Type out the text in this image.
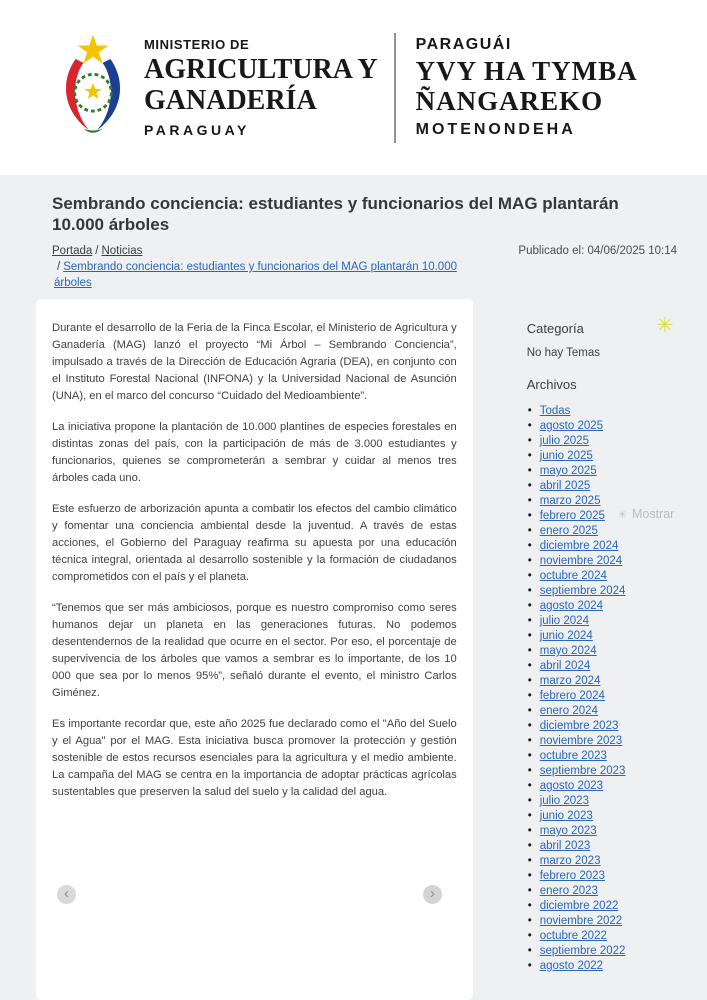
MINISTERIO DE
AGRICULTURA Y
GANADERÍA
PARAGUAY
PARAGUÁI
YVY HA TYMBA
ÑANGAREKO
MOTENONDEHA
Sembrando conciencia: estudiantes y funcionarios del MAG plantarán 10.000 árboles
Portada / Noticias
/ Sembrando conciencia: estudiantes y funcionarios del MAG plantarán 10.000 árboles
Publicado el: 04/06/2025 10:14

Durante el desarrollo de la Feria de la Finca Escolar, el Ministerio de Agricultura y Ganadería (MAG) lanzó el proyecto “Mi Árbol – Sembrando Conciencia”, impulsado a través de la Dirección de Educación Agraria (DEA), en conjunto con el Instituto Forestal Nacional (INFONA) y la Universidad Nacional de Asunción (UNA), en el marco del concurso “Cuidado del Medioambiente”.

La iniciativa propone la plantación de 10.000 plantines de especies forestales en distintas zonas del país, con la participación de más de 3.000 estudiantes y funcionarios, quienes se comprometerán a sembrar y cuidar al menos tres árboles cada uno.

Este esfuerzo de arborización apunta a combatir los efectos del cambio climático y fomentar una conciencia ambiental desde la juventud. A través de estas acciones, el Gobierno del Paraguay reafirma su apuesta por una educación técnica integral, orientada al desarrollo sostenible y la formación de ciudadanos comprometidos con el país y el planeta.

“Tenemos que ser más ambiciosos, porque es nuestro compromiso como seres humanos dejar un planeta en las generaciones futuras. No podemos desentendernos de la realidad que ocurre en el sector. Por eso, el porcentaje de supervivencia de los árboles que vamos a sembrar es lo importante, de los 10 000 que sea por lo menos 95%”, señaló durante el evento, el ministro Carlos Giménez.

Es importante recordar que, este año 2025 fue declarado como el "Año del Suelo y el Agua" por el MAG. Esta iniciativa busca promover la protección y gestión sostenible de estos recursos esenciales para la agricultura y el medio ambiente. La campaña del MAG se centra en la importancia de adoptar prácticas agrícolas sustentables que preserven la salud del suelo y la calidad del agua.

‹	›
Categoría
No hay Temas
Archivos
• Todas
• agosto 2025
• julio 2025
• junio 2025
• mayo 2025
• abril 2025
• marzo 2025
• febrero 2025
• enero 2025
• diciembre 2024
• noviembre 2024
• octubre 2024
• septiembre 2024
• agosto 2024
• julio 2024
• junio 2024
• mayo 2024
• abril 2024
• marzo 2024
• febrero 2024
• enero 2024
• diciembre 2023
• noviembre 2023
• octubre 2023
• septiembre 2023
• agosto 2023
• julio 2023
• junio 2023
• mayo 2023
• abril 2023
• marzo 2023
• febrero 2023
• enero 2023
• diciembre 2022
• noviembre 2022
• octubre 2022
• septiembre 2022
• agosto 2022
✳ Mostrar
✳
